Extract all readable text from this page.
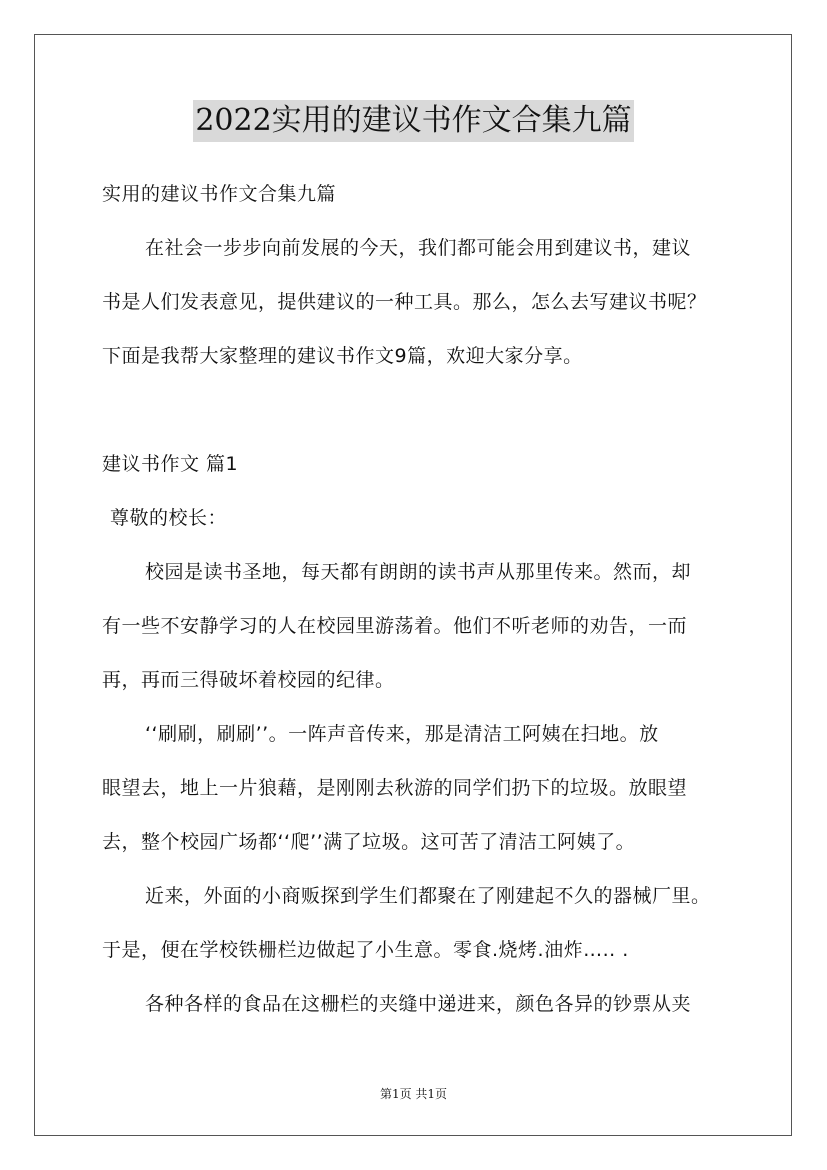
2022实用的建议书作文合集九篇
实用的建议书作文合集九篇
在社会一步步向前发展的今天，我们都可能会用到建议书，建议
书是人们发表意见，提供建议的一种工具。那么，怎么去写建议书呢？
下面是我帮大家整理的建议书作文9篇，欢迎大家分享。
建议书作文 篇1
尊敬的校长：
校园是读书圣地，每天都有朗朗的读书声从那里传来。然而，却
有一些不安静学习的人在校园里游荡着。他们不听老师的劝告，一而
再，再而三得破坏着校园的纪律。
‘‘刷刷，刷刷’’。一阵声音传来，那是清洁工阿姨在扫地。放
眼望去，地上一片狼藉，是刚刚去秋游的同学们扔下的垃圾。放眼望
去，整个校园广场都‘‘爬’’满了垃圾。这可苦了清洁工阿姨了。
近来，外面的小商贩探到学生们都聚在了刚建起不久的器械厂里。
于是，便在学校铁栅栏边做起了小生意。零食.烧烤.油炸….. .
各种各样的食品在这栅栏的夹缝中递进来，颜色各异的钞票从夹
第1页 共1页
